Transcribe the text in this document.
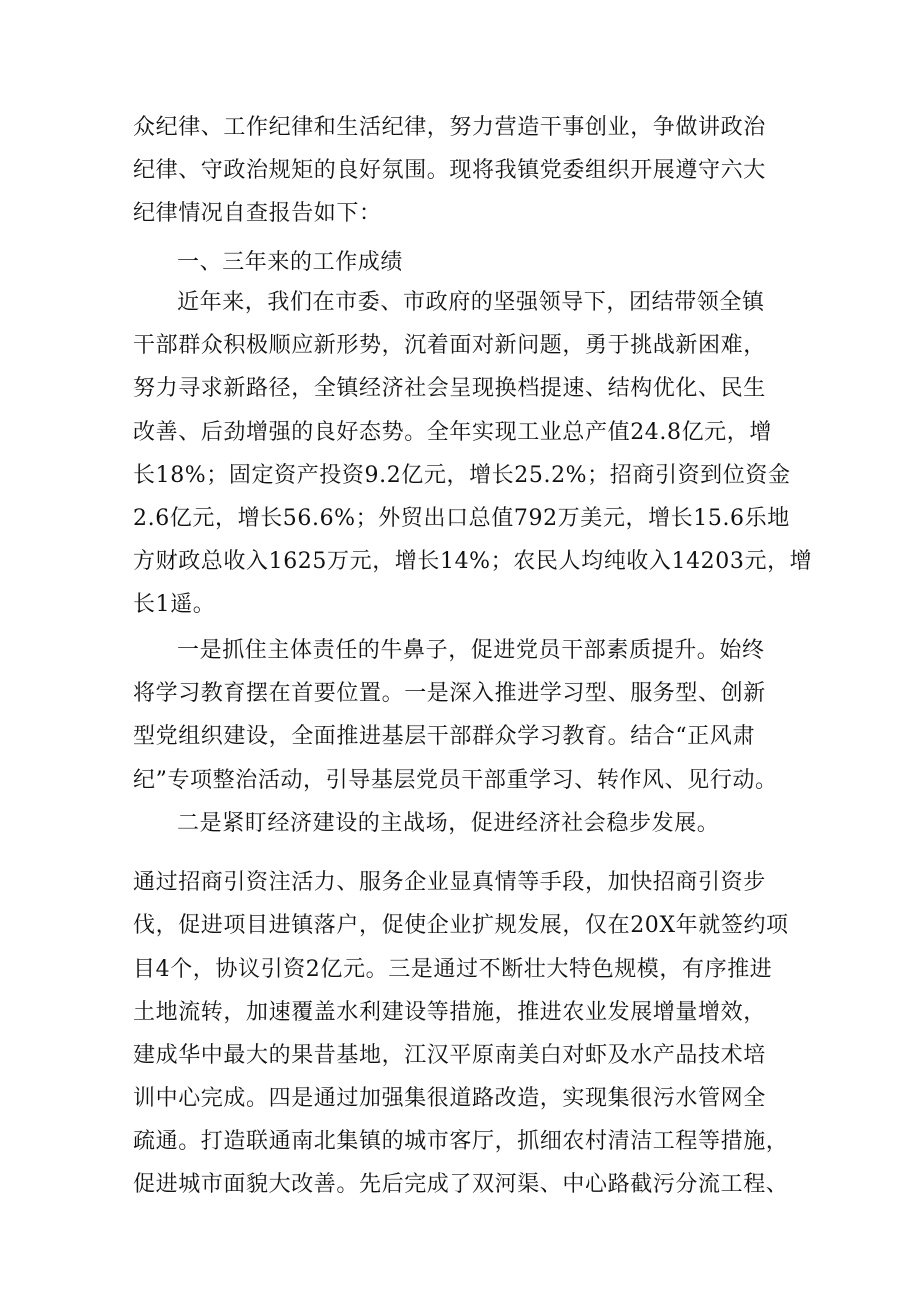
众纪律、工作纪律和生活纪律，努力营造干事创业，争做讲政治
纪律、守政治规矩的良好氛围。现将我镇党委组织开展遵守六大
纪律情况自查报告如下：
一、三年来的工作成绩
近年来，我们在市委、市政府的坚强领导下，团结带领全镇
干部群众积极顺应新形势，沉着面对新问题，勇于挑战新困难，
努力寻求新路径，全镇经济社会呈现换档提速、结构优化、民生
改善、后劲增强的良好态势。全年实现工业总产值24.8亿元，增
长18%；固定资产投资9.2亿元，增长25.2%；招商引资到位资金
2.6亿元，增长56.6%；外贸出口总值792万美元，增长15.6乐地
方财政总收入1625万元，增长14%；农民人均纯收入14203元，增
长1遥。
一是抓住主体责任的牛鼻子，促进党员干部素质提升。始终
将学习教育摆在首要位置。一是深入推进学习型、服务型、创新
型党组织建设，全面推进基层干部群众学习教育。结合“正风肃
纪”专项整治活动，引导基层党员干部重学习、转作风、见行动。
二是紧盯经济建设的主战场，促进经济社会稳步发展。
通过招商引资注活力、服务企业显真情等手段，加快招商引资步
伐，促进项目进镇落户，促使企业扩规发展，仅在20X年就签约项
目4个，协议引资2亿元。三是通过不断壮大特色规模，有序推进
土地流转，加速覆盖水利建设等措施，推进农业发展增量增效，
建成华中最大的果昔基地，江汉平原南美白对虾及水产品技术培
训中心完成。四是通过加强集很道路改造，实现集很污水管网全
疏通。打造联通南北集镇的城市客厅，抓细农村清洁工程等措施，
促进城市面貌大改善。先后完成了双河渠、中心路截污分流工程、
